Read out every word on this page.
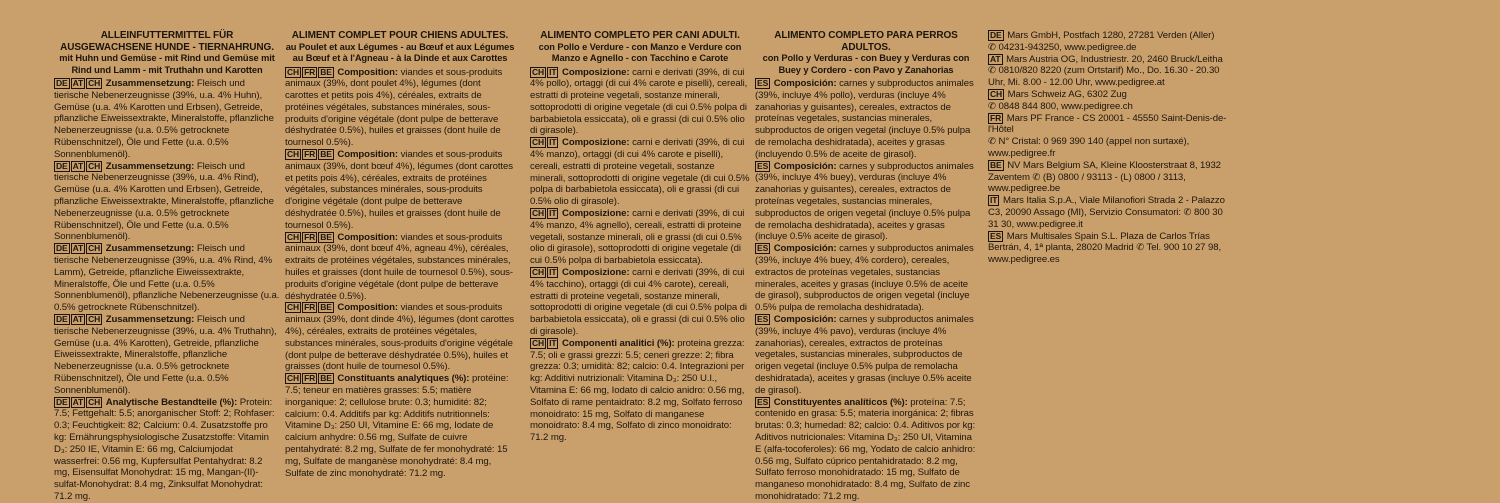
ALLEINFUTTERMITTEL FÜR AUSGEWACHSENE HUNDE - TIERNAHRUNG.
mit Huhn und Gemüse - mit Rind und Gemüse mit Rind und Lamm - mit Truthahn und Karotten
DE AT CH Zusammensetzung: Fleisch und tierische Nebenerzeugnisse (39%, u.a. 4% Huhn), Gemüse (u.a. 4% Karotten und Erbsen), Getreide, pflanzliche Eiweissextrakte, Mineralstoffe, pflanzliche Nebenerzeugnisse (u.a. 0.5% getrocknete Rübenschnitzel), Öle und Fette (u.a. 0.5% Sonnenblumenöl).
DE AT CH Zusammensetzung: Fleisch und tierische Nebenerzeugnisse (39%, u.a. 4% Rind), Gemüse (u.a. 4% Karotten und Erbsen), Getreide, pflanzliche Eiweissextrakte, Mineralstoffe, pflanzliche Nebenerzeugnisse (u.a. 0.5% getrocknete Rübenschnitzel), Öle und Fette (u.a. 0.5% Sonnenblumenöl).
DE AT CH Zusammensetzung: Fleisch und tierische Nebenerzeugnisse (39%, u.a. 4% Rind, 4% Lamm), Getreide, pflanzliche Eiweissextrakte, Mineralstoffe, Öle und Fette (u.a. 0.5% Sonnenblumenöl), pflanzliche Nebenerzeugnisse (u.a. 0.5% getrocknete Rübenschnitzel).
DE AT CH Zusammensetzung: Fleisch und tierische Nebenerzeugnisse (39%, u.a. 4% Truthahn), Gemüse (u.a. 4% Karotten), Getreide, pflanzliche Eiweissextrakte, Mineralstoffe, pflanzliche Nebenerzeugnisse (u.a. 0.5% getrocknete Rübenschnitzel), Öle und Fette (u.a. 0.5% Sonnenblumenöl).
DE AT CH Analytische Bestandteile (%): Protein: 7.5; Fettgehalt: 5.5; anorganischer Stoff: 2; Rohfaser: 0.3; Feuchtigkeit: 82; Calcium: 0.4. Zusatzstoffe pro kg: Ernährungsphysiologische Zusatzstoffe: Vitamin D₃: 250 IE, Vitamin E: 66 mg, Calciumjodat wasserfrei: 0.56 mg, Kupfersulfat Pentahydrat: 8.2 mg, Eisensulfat Monohydrat: 15 mg, Mangan-(II)-sulfat-Monohydrat: 8.4 mg, Zinksulfat Monohydrat: 71.2 mg.
ALIMENT COMPLET POUR CHIENS ADULTES.
au Poulet et aux Légumes - au Bœuf et aux Légumes au Bœuf et à l'Agneau - à la Dinde et aux Carottes
CH FR BE Composition: viandes et sous-produits animaux (39%, dont poulet 4%), légumes (dont carottes et petits pois 4%), céréales, extraits de protéines végétales, substances minérales, sous-produits d'origine végétale (dont pulpe de betterave déshydratée 0.5%), huiles et graisses (dont huile de tournesol 0.5%).
CH FR BE Composition: viandes et sous-produits animaux (39%, dont bœuf 4%), légumes (dont carottes et petits pois 4%), céréales, extraits de protéines végétales, substances minérales, sous-produits d'origine végétale (dont pulpe de betterave déshydratée 0.5%), huiles et graisses (dont huile de tournesol 0.5%).
CH FR BE Composition: viandes et sous-produits animaux (39%, dont bœuf 4%, agneau 4%), céréales, extraits de protéines végétales, substances minérales, huiles et graisses (dont huile de tournesol 0.5%), sous-produits d'origine végétale (dont pulpe de betterave déshydratée 0.5%).
CH FR BE Composition: viandes et sous-produits animaux (39%, dont dinde 4%), légumes (dont carottes 4%), céréales, extraits de protéines végétales, substances minérales, sous-produits d'origine végétale (dont pulpe de betterave déshydratée 0.5%), huiles et graisses (dont huile de tournesol 0.5%).
CH FR BE Constituants analytiques (%): protéine: 7.5; teneur en matières grasses: 5.5; matière inorganique: 2; cellulose brute: 0.3; humidité: 82; calcium: 0.4. Additifs par kg: Additifs nutritionnels: Vitamine D₃: 250 UI, Vitamine E: 66 mg, Iodate de calcium anhydre: 0.56 mg, Sulfate de cuivre pentahydraté: 8.2 mg, Sulfate de fer monohydraté: 15 mg, Sulfate de manganèse monohydraté: 8.4 mg, Sulfate de zinc monohydraté: 71.2 mg.
ALIMENTO COMPLETO PER CANI ADULTI.
con Pollo e Verdure - con Manzo e Verdure con Manzo e Agnello - con Tacchino e Carote
CH IT Composizione: carni e derivati (39%, di cui 4% pollo), ortaggi (di cui 4% carote e piselli), cereali, estratti di proteine vegetali, sostanze minerali, sottoprodotti di origine vegetale (di cui 0.5% polpa di barbabietola essiccata), oli e grassi (di cui 0.5% olio di girasole).
CH IT Composizione: carni e derivati (39%, di cui 4% manzo), ortaggi (di cui 4% carote e piselli), cereali, estratti di proteine vegetali, sostanze minerali, sottoprodotti di origine vegetale (di cui 0.5% polpa di barbabietola essiccata), oli e grassi (di cui 0.5% olio di girasole).
CH IT Composizione: carni e derivati (39%, di cui 4% manzo, 4% agnello), cereali, estratti di proteine vegetali, sostanze minerali, oli e grassi (di cui 0.5% olio di girasole), sottoprodotti di origine vegetale (di cui 0.5% polpa di barbabietola essiccata).
CH IT Composizione: carni e derivati (39%, di cui 4% tacchino), ortaggi (di cui 4% carote), cereali, estratti di proteine vegetali, sostanze minerali, sottoprodotti di origine vegetale (di cui 0.5% polpa di barbabietola essiccata), oli e grassi (di cui 0.5% olio di girasole).
CH IT Componenti analitici (%): proteina grezza: 7.5; oli e grassi grezzi: 5.5; ceneri grezze: 2; fibra grezza: 0.3; umidità: 82; calcio: 0.4. Integrazioni per kg: Additivi nutrizionali: Vitamina D₃: 250 U.I., Vitamina E: 66 mg, Iodato di calcio anidro: 0.56 mg, Solfato di rame pentaidrato: 8.2 mg, Solfato ferroso monoidrato: 15 mg, Solfato di manganese monoidrato: 8.4 mg, Solfato di zinco monoidrato: 71.2 mg.
ALIMENTO COMPLETO PARA PERROS ADULTOS.
con Pollo y Verduras - con Buey y Verduras con Buey y Cordero - con Pavo y Zanahorias
ES Composición: carnes y subproductos animales (39%, incluye 4% pollo), verduras (incluye 4% zanahorias y guisantes), cereales, extractos de proteínas vegetales, sustancias minerales, subproductos de origen vegetal (incluye 0.5% pulpa de remolacha deshidratada), aceites y grasas (incluyendo 0.5% de aceite de girasol).
ES Composición: carnes y subproductos animales (39%, incluye 4% buey), verduras (incluye 4% zanahorias y guisantes), cereales, extractos de proteínas vegetales, sustancias minerales, subproductos de origen vegetal (incluye 0.5% pulpa de remolacha deshidratada), aceites y grasas (incluye 0.5% aceite de girasol).
ES Composición: carnes y subproductos animales (39%, incluye 4% buey, 4% cordero), cereales, extractos de proteínas vegetales, sustancias minerales, aceites y grasas (incluye 0.5% de aceite de girasol), subproductos de origen vegetal (incluye 0.5% pulpa de remolacha deshidratada).
ES Composición: carnes y subproductos animales (39%, incluye 4% pavo), verduras (incluye 4% zanahorias), cereales, extractos de proteínas vegetales, sustancias minerales, subproductos de origen vegetal (incluye 0.5% pulpa de remolacha deshidratada), aceites y grasas (incluye 0.5% aceite de girasol).
ES Constituyentes analíticos (%): proteína: 7.5; contenido en grasa: 5.5; materia inorgánica: 2; fibras brutas: 0.3; humedad: 82; calcio: 0.4. Aditivos por kg: Aditivos nutricionales: Vitamina D₃: 250 UI, Vitamina E (alfa-tocoferoles): 66 mg, Yodato de calcio anhidro: 0.56 mg, Sulfato cúprico pentahidratado: 8.2 mg, Sulfato ferroso monohidratado: 15 mg, Sulfato de manganeso monohidratado: 8.4 mg, Sulfato de zinc monohidratado: 71.2 mg.
DE Mars GmbH, Postfach 1280, 27281 Verden (Aller)
✆ 04231-943250, www.pedigree.de
AT Mars Austria OG, Industriestr. 20, 2460 Bruck/Leitha
✆ 0810/820 8220 (zum Ortstarif) Mo., Do. 16.30 - 20.30 Uhr, Mi. 8.00 - 12.00 Uhr, www.pedigree.at
CH Mars Schweiz AG, 6302 Zug
✆ 0848 844 800, www.pedigree.ch
FR Mars PF France - CS 20001 - 45550 Saint-Denis-de-l'Hôtel
✆ N° Cristal: 0 969 390 140 (appel non surtaxé), www.pedigree.fr
BE NV Mars Belgium SA, Kleine Kloosterstraat 8, 1932 Zaventem ✆ (B) 0800 / 93113 - (L) 0800 / 3113, www.pedigree.be
IT Mars Italia S.p.A., Viale Milanofiori Strada 2 - Palazzo C3, 20090 Assago (MI), Servizio Consumatori: ✆ 800 30 31 30, www.pedigree.it
ES Mars Multisales Spain S.L. Plaza de Carlos Trías Bertrán, 4, 1ª planta, 28020 Madrid ✆ Tel. 900 10 27 98, www.pedigree.es
